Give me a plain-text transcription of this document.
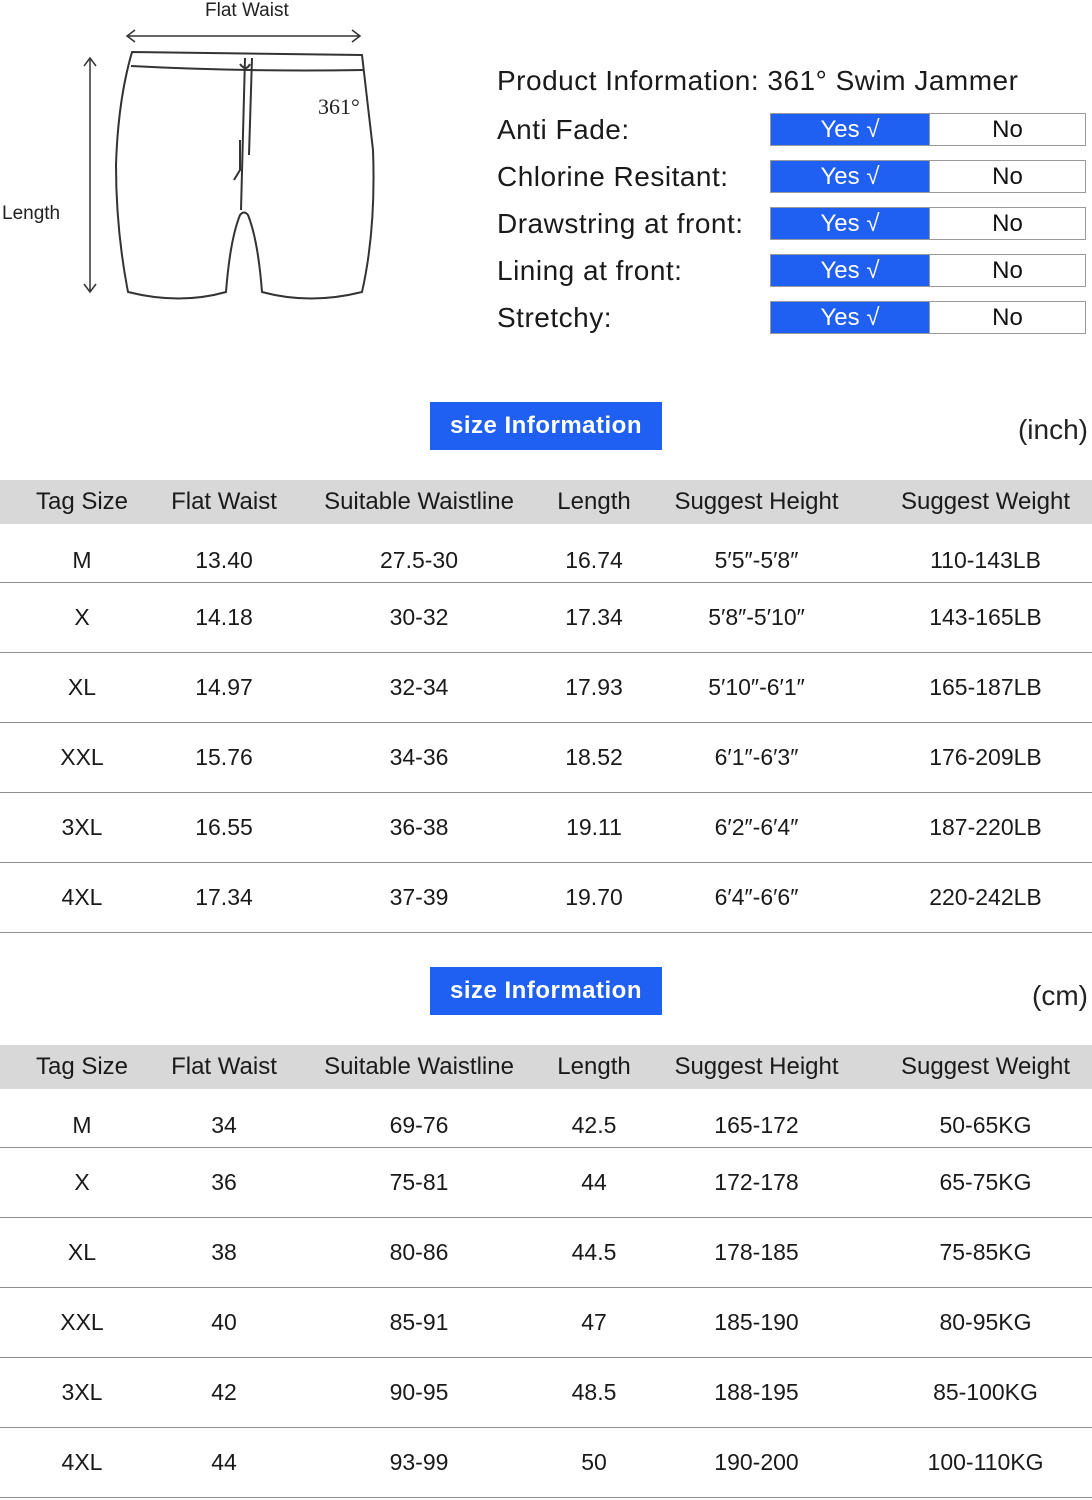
Flat Waist
Length
361°
Product Information: 361° Swim Jammer
Anti Fade:	Yes √	No
Chlorine Resitant:	Yes √	No
Drawstring at front:	Yes √	No
Lining at front:	Yes √	No
Stretchy:	Yes √	No
size Information	(inch)
Tag Size	Flat Waist	Suitable Waistline	Length	Suggest Height	Suggest Weight
M	13.40	27.5-30	16.74	5′5″-5′8″	110-143LB
X	14.18	30-32	17.34	5′8″-5′10″	143-165LB
XL	14.97	32-34	17.93	5′10″-6′1″	165-187LB
XXL	15.76	34-36	18.52	6′1″-6′3″	176-209LB
3XL	16.55	36-38	19.11	6′2″-6′4″	187-220LB
4XL	17.34	37-39	19.70	6′4″-6′6″	220-242LB
size Information	(cm)
Tag Size	Flat Waist	Suitable Waistline	Length	Suggest Height	Suggest Weight
M	34	69-76	42.5	165-172	50-65KG
X	36	75-81	44	172-178	65-75KG
XL	38	80-86	44.5	178-185	75-85KG
XXL	40	85-91	47	185-190	80-95KG
3XL	42	90-95	48.5	188-195	85-100KG
4XL	44	93-99	50	190-200	100-110KG
